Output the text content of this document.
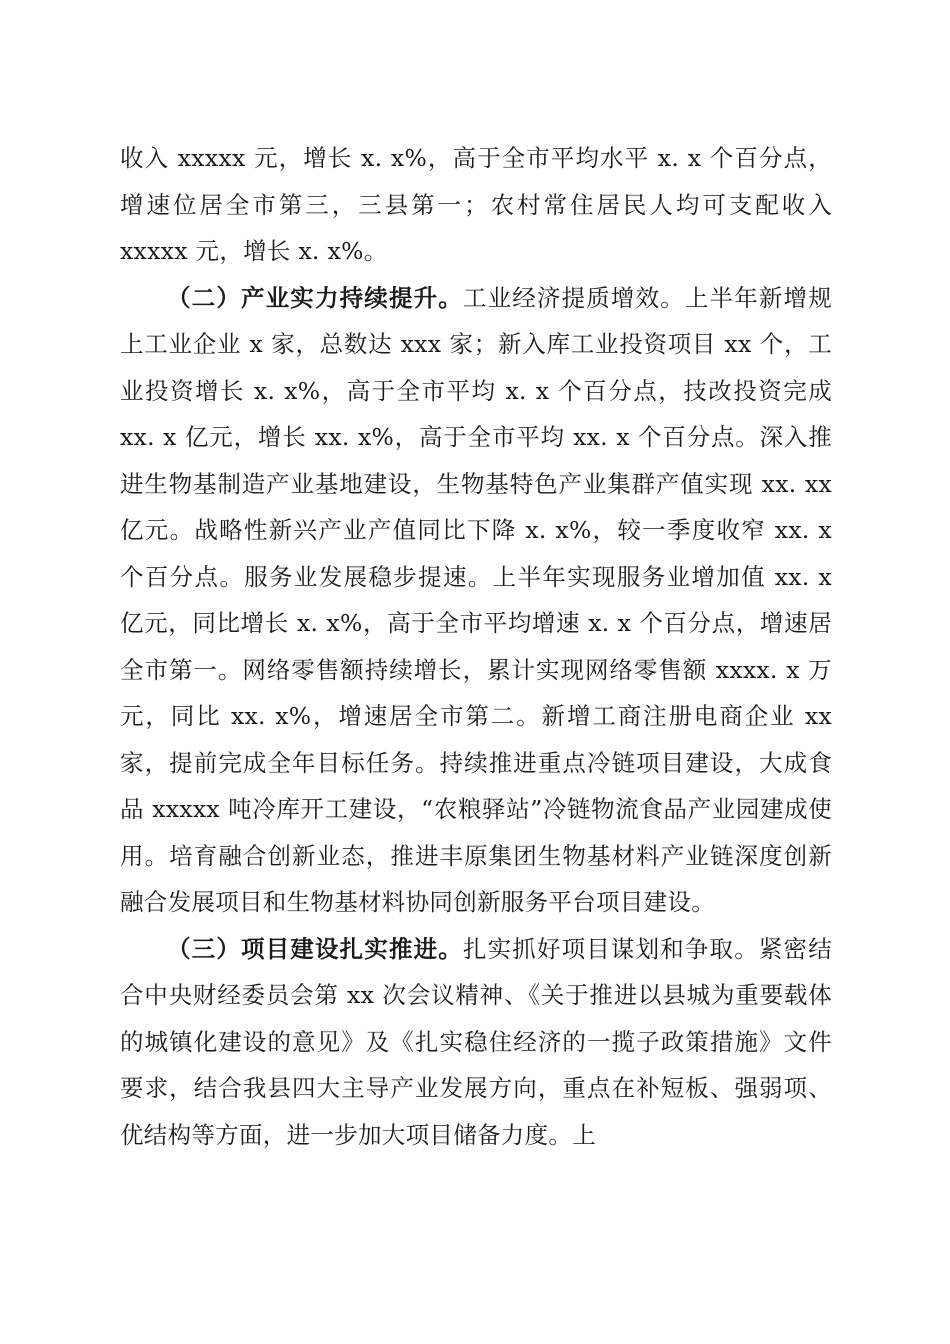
收入 xxxxx 元，增长 x. x%，高于全市平均水平 x. x 个百分点，增速位居全市第三，三县第一；农村常住居民人均可支配收入 xxxxx 元，增长 x. x%。

（二）产业实力持续提升。工业经济提质增效。上半年新增规上工业企业 x 家，总数达 xxx 家；新入库工业投资项目 xx 个，工业投资增长 x. x%，高于全市平均 x. x 个百分点，技改投资完成 xx. x 亿元，增长 xx. x%，高于全市平均 xx. x 个百分点。深入推进生物基制造产业基地建设，生物基特色产业集群产值实现 xx. xx 亿元。战略性新兴产业产值同比下降 x. x%，较一季度收窄 xx. x 个百分点。服务业发展稳步提速。上半年实现服务业增加值 xx. x 亿元，同比增长 x. x%，高于全市平均增速 x. x 个百分点，增速居全市第一。网络零售额持续增长，累计实现网络零售额 xxxx. x 万元，同比 xx. x%，增速居全市第二。新增工商注册电商企业 xx 家，提前完成全年目标任务。持续推进重点冷链项目建设，大成食品 xxxxx 吨冷库开工建设，“农粮驿站”冷链物流食品产业园建成使用。培育融合创新业态，推进丰原集团生物基材料产业链深度创新融合发展项目和生物基材料协同创新服务平台项目建设。

（三）项目建设扎实推进。扎实抓好项目谋划和争取。紧密结合中央财经委员会第 xx 次会议精神、《关于推进以县城为重要载体的城镇化建设的意见》及《扎实稳住经济的一揽子政策措施》文件要求，结合我县四大主导产业发展方向，重点在补短板、强弱项、优结构等方面，进一步加大项目储备力度。上
